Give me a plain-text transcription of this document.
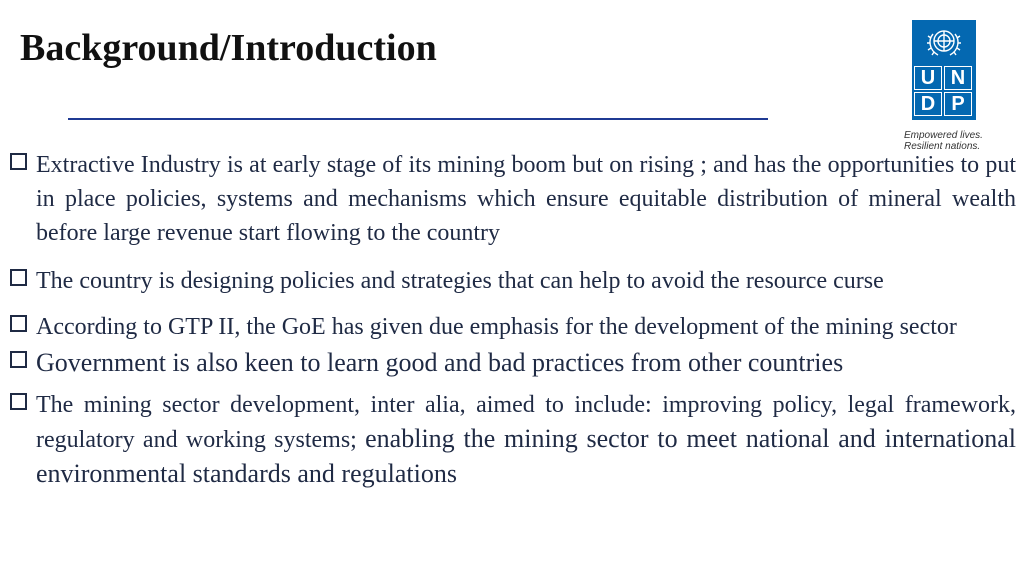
Background/Introduction
U N
D P
Empowered lives.
Resilient nations.
Extractive Industry is at early stage of its mining boom but on rising ; and has the opportunities to put in place policies, systems and mechanisms which ensure equitable distribution of mineral wealth before large revenue start flowing to the country
The country is designing policies and strategies that can help to avoid the resource curse
According to GTP II, the GoE has given due emphasis for the development of the mining sector
Government is also keen to learn good and bad practices from other countries
The mining sector development, inter alia, aimed to include: improving policy, legal framework, regulatory and working systems; enabling the mining sector to meet national and international environmental standards and regulations
